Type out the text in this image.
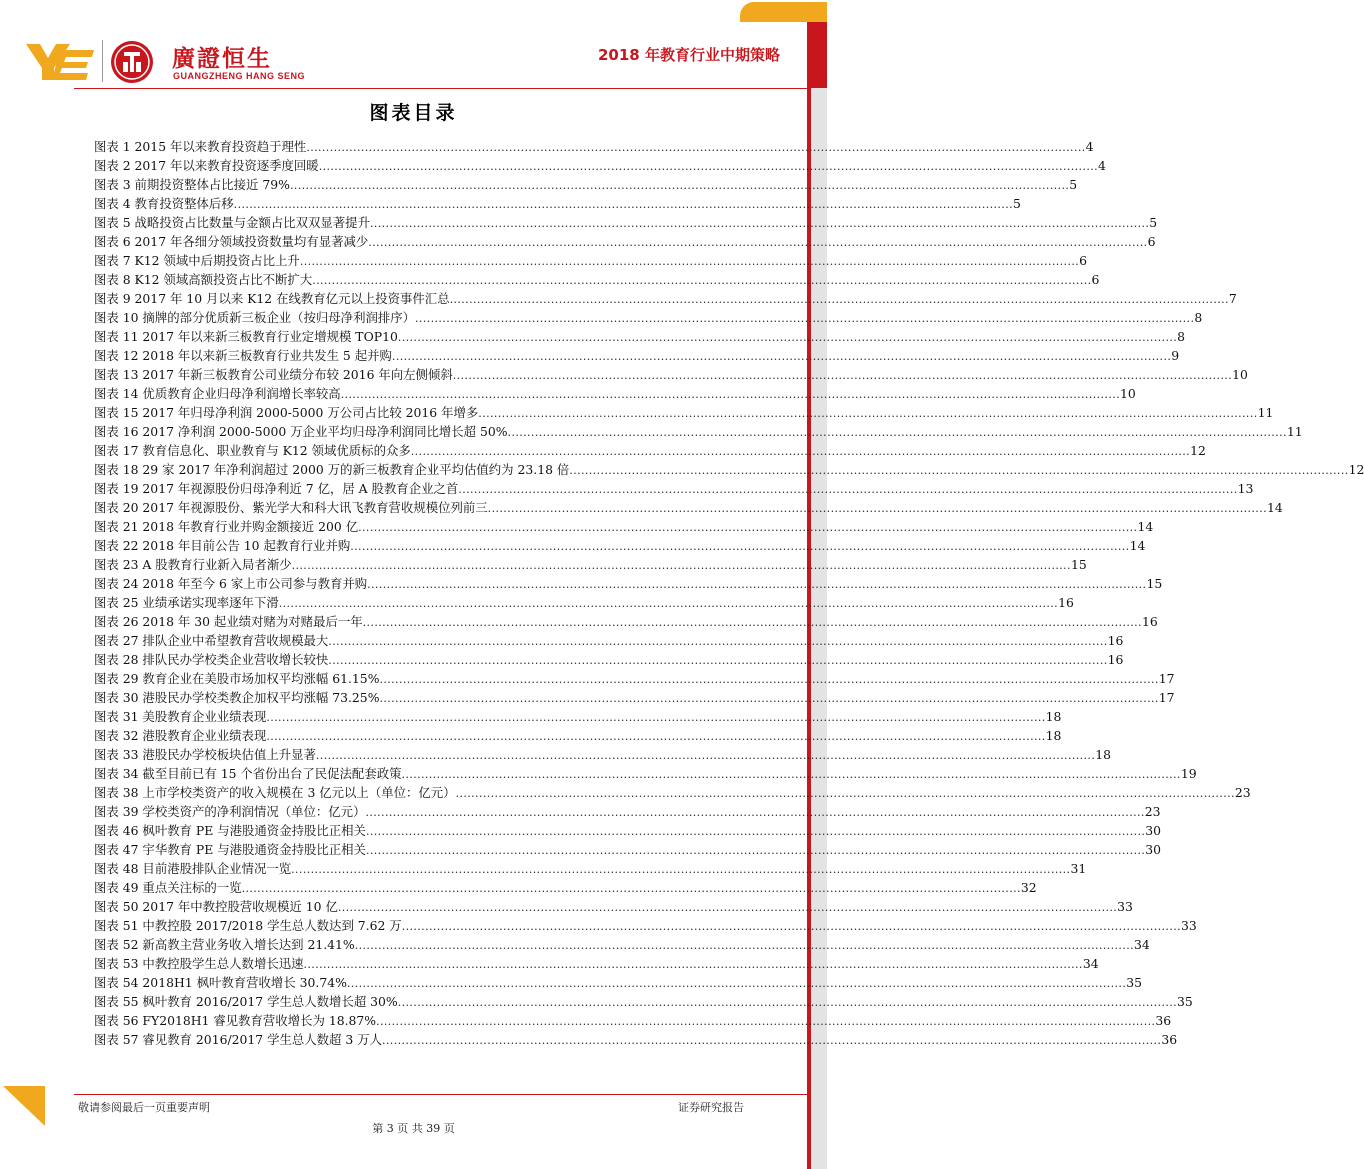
廣證恒生
GUANGZHENG HANG SENG
2018 年教育行业中期策略
图表目录
图表 1 2015 年以来教育投资趋于理性 ........................................................................................................................................................................................................ 4
图表 2 2017 年以来教育投资逐季度回暖 ........................................................................................................................................................................................................ 4
图表 3 前期投资整体占比接近 79% ........................................................................................................................................................................................................ 5
图表 4 教育投资整体后移 ........................................................................................................................................................................................................ 5
图表 5 战略投资占比数量与金额占比双双显著提升 ........................................................................................................................................................................................................ 5
图表 6 2017 年各细分领域投资数量均有显著减少 ........................................................................................................................................................................................................ 6
图表 7 K12 领域中后期投资占比上升 ........................................................................................................................................................................................................ 6
图表 8 K12 领域高额投资占比不断扩大 ........................................................................................................................................................................................................ 6
图表 9 2017 年 10 月以来 K12 在线教育亿元以上投资事件汇总 ........................................................................................................................................................................................................ 7
图表 10 摘牌的部分优质新三板企业（按归母净利润排序） ........................................................................................................................................................................................................ 8
图表 11 2017 年以来新三板教育行业定增规模 TOP10 ........................................................................................................................................................................................................ 8
图表 12 2018 年以来新三板教育行业共发生 5 起并购 ........................................................................................................................................................................................................ 9
图表 13 2017 年新三板教育公司业绩分布较 2016 年向左侧倾斜 ........................................................................................................................................................................................................ 10
图表 14 优质教育企业归母净利润增长率较高 ........................................................................................................................................................................................................ 10
图表 15 2017 年归母净利润 2000-5000 万公司占比较 2016 年增多 ........................................................................................................................................................................................................ 11
图表 16 2017 净利润 2000-5000 万企业平均归母净利润同比增长超 50% ........................................................................................................................................................................................................ 11
图表 17 教育信息化、职业教育与 K12 领域优质标的众多 ........................................................................................................................................................................................................ 12
图表 18 29 家 2017 年净利润超过 2000 万的新三板教育企业平均估值约为 23.18 倍 ........................................................................................................................................................................................................ 12
图表 19 2017 年视源股份归母净利近 7 亿，居 A 股教育企业之首 ........................................................................................................................................................................................................ 13
图表 20 2017 年视源股份、紫光学大和科大讯飞教育营收规模位列前三 ........................................................................................................................................................................................................ 14
图表 21 2018 年教育行业并购金额接近 200 亿 ........................................................................................................................................................................................................ 14
图表 22 2018 年目前公告 10 起教育行业并购 ........................................................................................................................................................................................................ 14
图表 23 A 股教育行业新入局者渐少 ........................................................................................................................................................................................................ 15
图表 24 2018 年至今 6 家上市公司参与教育并购 ........................................................................................................................................................................................................ 15
图表 25 业绩承诺实现率逐年下滑 ........................................................................................................................................................................................................ 16
图表 26 2018 年 30 起业绩对赌为对赌最后一年 ........................................................................................................................................................................................................ 16
图表 27 排队企业中希望教育营收规模最大 ........................................................................................................................................................................................................ 16
图表 28 排队民办学校类企业营收增长较快 ........................................................................................................................................................................................................ 16
图表 29 教育企业在美股市场加权平均涨幅 61.15% ........................................................................................................................................................................................................ 17
图表 30 港股民办学校类教企加权平均涨幅 73.25% ........................................................................................................................................................................................................ 17
图表 31 美股教育企业业绩表现 ........................................................................................................................................................................................................ 18
图表 32 港股教育企业业绩表现 ........................................................................................................................................................................................................ 18
图表 33 港股民办学校板块估值上升显著 ........................................................................................................................................................................................................ 18
图表 34 截至目前已有 15 个省份出台了民促法配套政策 ........................................................................................................................................................................................................ 19
图表 38 上市学校类资产的收入规模在 3 亿元以上（单位：亿元） ........................................................................................................................................................................................................ 23
图表 39 学校类资产的净利润情况（单位：亿元） ........................................................................................................................................................................................................ 23
图表 46 枫叶教育 PE 与港股通资金持股比正相关 ........................................................................................................................................................................................................ 30
图表 47 宇华教育 PE 与港股通资金持股比正相关 ........................................................................................................................................................................................................ 30
图表 48 目前港股排队企业情况一览 ........................................................................................................................................................................................................ 31
图表 49 重点关注标的一览 ........................................................................................................................................................................................................ 32
图表 50 2017 年中教控股营收规模近 10 亿 ........................................................................................................................................................................................................ 33
图表 51 中教控股 2017/2018 学生总人数达到 7.62 万 ........................................................................................................................................................................................................ 33
图表 52 新高教主营业务收入增长达到 21.41% ........................................................................................................................................................................................................ 34
图表 53 中教控股学生总人数增长迅速 ........................................................................................................................................................................................................ 34
图表 54 2018H1 枫叶教育营收增长 30.74% ........................................................................................................................................................................................................ 35
图表 55 枫叶教育 2016/2017 学生总人数增长超 30% ........................................................................................................................................................................................................ 35
图表 56 FY2018H1 睿见教育营收增长为 18.87% ........................................................................................................................................................................................................ 36
图表 57 睿见教育 2016/2017 学生总人数超 3 万人 ........................................................................................................................................................................................................ 36
敬请参阅最后一页重要声明	证券研究报告
第 3 页 共 39 页
